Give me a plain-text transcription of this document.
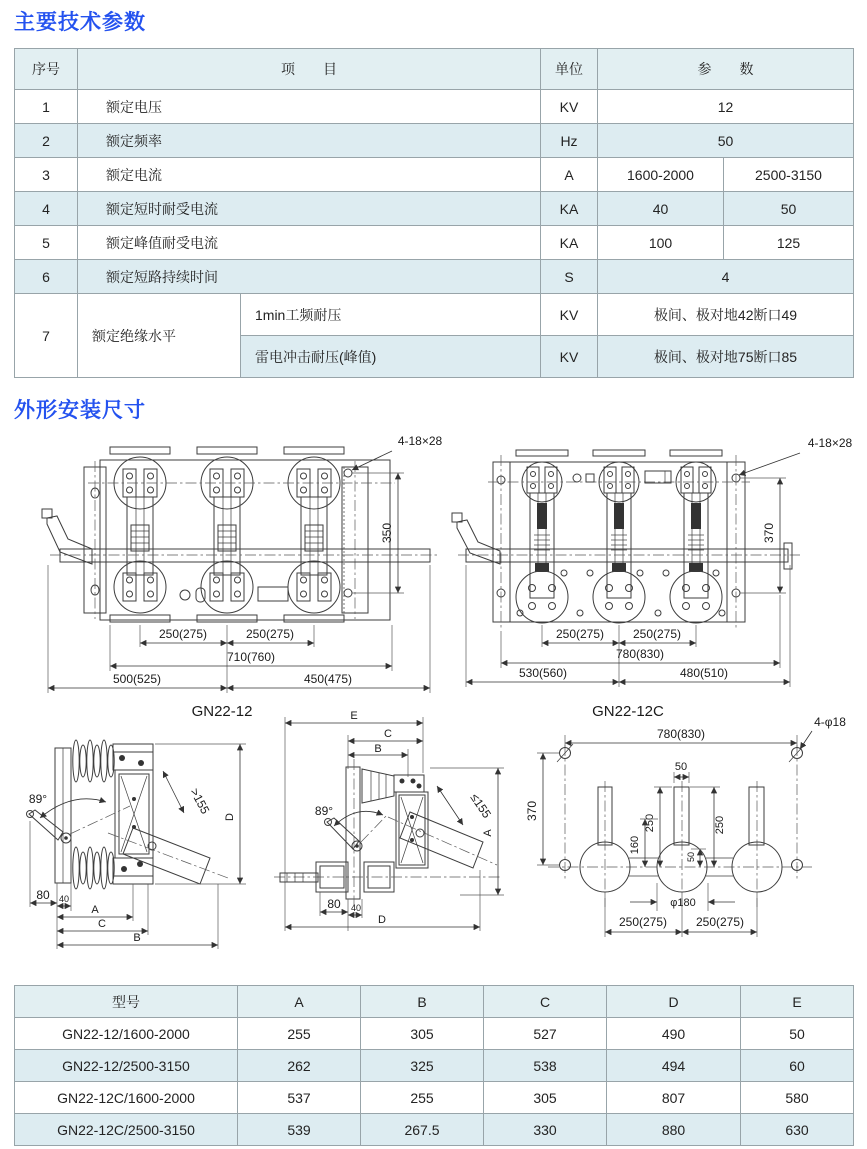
主要技术参数
序号	项　　目		单位	参　　数	
1	额定电压		KV	12	
2	额定频率		Hz	50	
3	额定电流		A	1600-2000	2500-3150
4	额定短时耐受电流		KA	40	50
5	额定峰值耐受电流		KA	100	125
6	额定短路持续时间		S	4	
7	额定绝缘水平	1min工频耐压	KV	极间、极对地42断口49	
		雷电冲击耐压(峰值)	KV	极间、极对地75断口85	
外形安装尺寸
4-18×28
350
250(275)	250(275)
710(760)
500(525)	450(475)
GN22-12
4-18×28
370
250(275) 250(275)
780(830)
530(560)	480(510)
GN22-12C
>155
89°
D
80 40
A
C
B
E
C
B
≤155
89°
A
80 40
D
4-φ18
780(830)
370
50
250
160
250
50
φ180
250(275) 250(275)
型号	A	B	C	D	E
GN22-12/1600-2000	255	305	527	490	50
GN22-12/2500-3150	262	325	538	494	60
GN22-12C/1600-2000	537	255	305	807	580
GN22-12C/2500-3150	539	267.5	330	880	630
